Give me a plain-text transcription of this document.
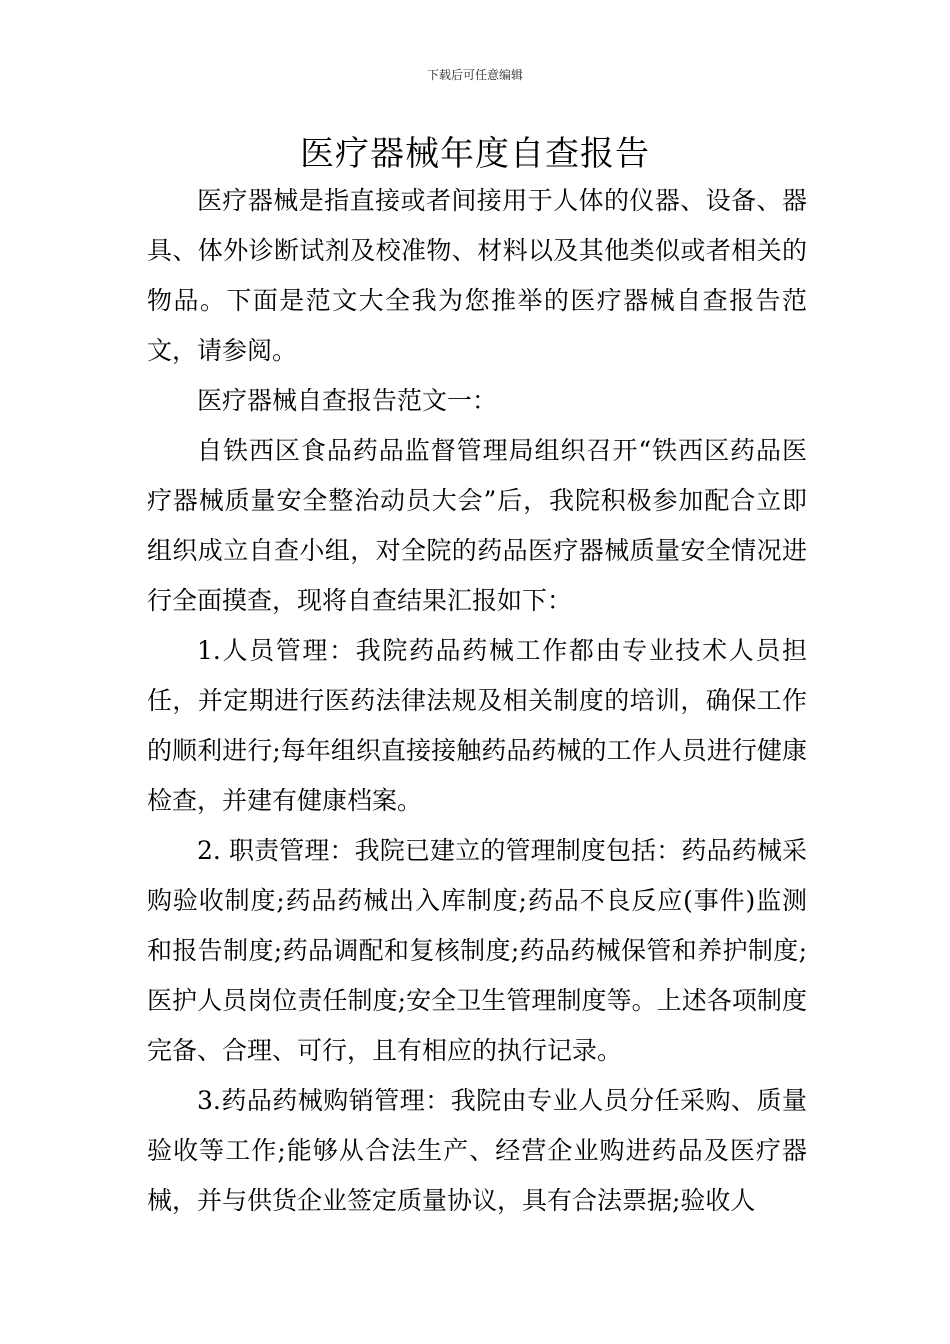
下载后可任意编辑
医疗器械年度自查报告

医疗器械是指直接或者间接用于人体的仪器、设备、器具、体外诊断试剂及校准物、材料以及其他类似或者相关的物品。下面是范文大全我为您推举的医疗器械自查报告范文，请参阅。

医疗器械自查报告范文一：

自铁西区食品药品监督管理局组织召开“铁西区药品医疗器械质量安全整治动员大会”后，我院积极参加配合立即组织成立自查小组，对全院的药品医疗器械质量安全情况进行全面摸查，现将自查结果汇报如下：

1.人员管理：我院药品药械工作都由专业技术人员担任，并定期进行医药法律法规及相关制度的培训，确保工作的顺利进行;每年组织直接接触药品药械的工作人员进行健康检查，并建有健康档案。

2. 职责管理：我院已建立的管理制度包括：药品药械采购验收制度;药品药械出入库制度;药品不良反应(事件)监测和报告制度;药品调配和复核制度;药品药械保管和养护制度;医护人员岗位责任制度;安全卫生管理制度等。上述各项制度完备、合理、可行，且有相应的执行记录。

3.药品药械购销管理：我院由专业人员分任采购、质量验收等工作;能够从合法生产、经营企业购进药品及医疗器械，并与供货企业签定质量协议，具有合法票据;验收人
